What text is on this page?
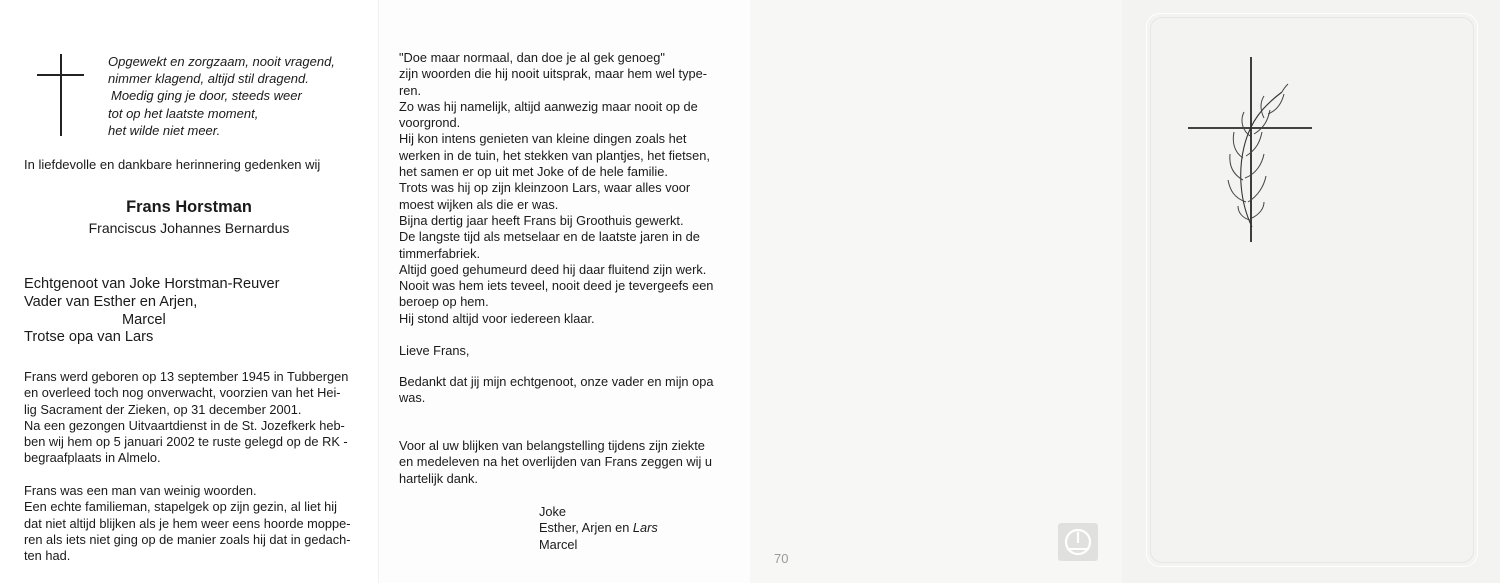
Opgewekt en zorgzaam, nooit vragend,
nimmer klagend, altijd stil dragend.
Moedig ging je door, steeds weer
tot op het laatste moment,
het wilde niet meer.
In liefdevolle en dankbare herinnering gedenken wij
Frans Horstman
Franciscus Johannes Bernardus
Echtgenoot van Joke Horstman-Reuver
Vader van Esther en Arjen,
Marcel
Trotse opa van Lars
Frans werd geboren op 13 september 1945 in Tubbergen
en overleed toch nog onverwacht, voorzien van het Hei-
lig Sacrament der Zieken, op 31 december 2001.
Na een gezongen Uitvaartdienst in de St. Jozefkerk heb-
ben wij hem op 5 januari 2002 te ruste gelegd op de RK -
begraafplaats in Almelo.
Frans was een man van weinig woorden.
Een echte familieman, stapelgek op zijn gezin, al liet hij
dat niet altijd blijken als je hem weer eens hoorde moppe-
ren als iets niet ging op de manier zoals hij dat in gedach-
ten had.
"Doe maar normaal, dan doe je al gek genoeg"
zijn woorden die hij nooit uitsprak, maar hem wel type-
ren.
Zo was hij namelijk, altijd aanwezig maar nooit op de
voorgrond.
Hij kon intens genieten van kleine dingen zoals het
werken in de tuin, het stekken van plantjes, het fietsen,
het samen er op uit met Joke of de hele familie.
Trots was hij op zijn kleinzoon Lars, waar alles voor
moest wijken als die er was.
Bijna dertig jaar heeft Frans bij Groothuis gewerkt.
De langste tijd als metselaar en de laatste jaren in de
timmerfabriek.
Altijd goed gehumeurd deed hij daar fluitend zijn werk.
Nooit was hem iets teveel, nooit deed je tevergeefs een
beroep op hem.
Hij stond altijd voor iedereen klaar.
Lieve Frans,
Bedankt dat jij mijn echtgenoot, onze vader en mijn opa
was.
Voor al uw blijken van belangstelling tijdens zijn ziekte
en medeleven na het overlijden van Frans zeggen wij u
hartelijk dank.
Joke
Esther, Arjen en Lars
Marcel
70
